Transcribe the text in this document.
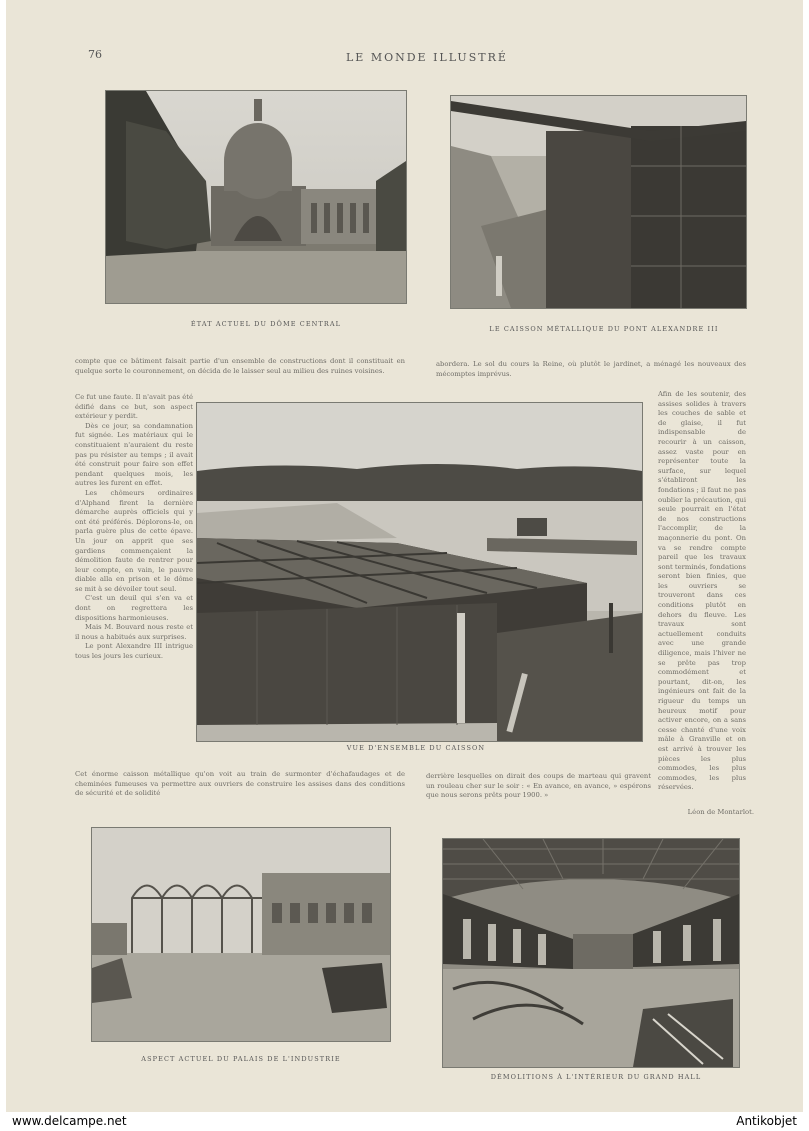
76	LE MONDE ILLUSTRÉ
ÉTAT ACTUEL DU DÔME CENTRAL
LE CAISSON MÉTALLIQUE DU PONT ALEXANDRE III
compte que ce bâtiment faisait partie d'un ensemble de constructions dont il constituait en quelque sorte le couronnement, on décida de le laisser seul au milieu des ruines voisines.
abordera. Le sol du cours la Reine, où plutôt le jardinet, a ménagé les nouveaux des mécomptes imprévus.

Ce fut une faute. Il n'avait pas été édifié dans ce but, son aspect extérieur y perdit.

Dès ce jour, sa condamnation fut signée. Les matériaux qui le constituaient n'auraient du reste pas pu résister au temps ; il avait été construit pour faire son effet pendant quelques mois, les autres les furent en effet.

Les chômeurs ordinaires d'Alphand firent la dernière démarche auprès officiels qui y ont été préférés. Déplorons-le, on parla guère plus de cette épave. Un jour on apprit que ses gardiens commençaient la démolition faute de rentrer pour leur compte, en vain, le pauvre diable alla en prison et le dôme se mit à se dévoiler tout seul.

C'est un deuil qui s'en va et dont on regrettera les dispositions harmonieuses.

Mais M. Bouvard nous reste et il nous a habitués aux surprises.

Le pont Alexandre III intrigue tous les jours les curieux.

VUE D'ENSEMBLE DU CAISSON
Afin de les soutenir, des assises solides à travers les couches de sable et de glaise, il fut indispensable de recourir à un caisson, assez vaste pour en représenter toute la surface, sur lequel s'établiront les fondations ; il faut ne pas oublier la précaution, qui seule pourrait en l'état de nos constructions l'accomplir, de la maçonnerie du pont. On va se rendre compte pareil que les travaux sont terminés, fondations seront bien finies, que les ouvriers se trouveront dans ces conditions plutôt en dehors du fleuve. Les travaux sont actuellement conduits avec une grande diligence, mais l'hiver ne se prête pas trop commodément et pourtant, dit-on, les ingénieurs ont fait de la rigueur du temps un heureux motif pour activer encore, on a sans cesse chanté d'une voix mâle à Granville et on est arrivé à trouver les pièces les plus commodes, les plus commodes, les plus réservées.
Léon de Montarlot.
Cet énorme caisson métallique qu'on voit au train de surmonter d'échafaudages et de cheminées fumeuses va permettre aux ouvriers de construire les assises dans des conditions de sécurité et de solidité
derrière lesquelles on dirait des coups de marteau qui gravent un rouleau cher sur le soir : « En avance, en avance, » espérons que nous serons prêts pour 1900. »
ASPECT ACTUEL DU PALAIS DE L'INDUSTRIE
DÉMOLITIONS À L'INTÉRIEUR DU GRAND HALL
www.delcampe.net	Antikobjet
